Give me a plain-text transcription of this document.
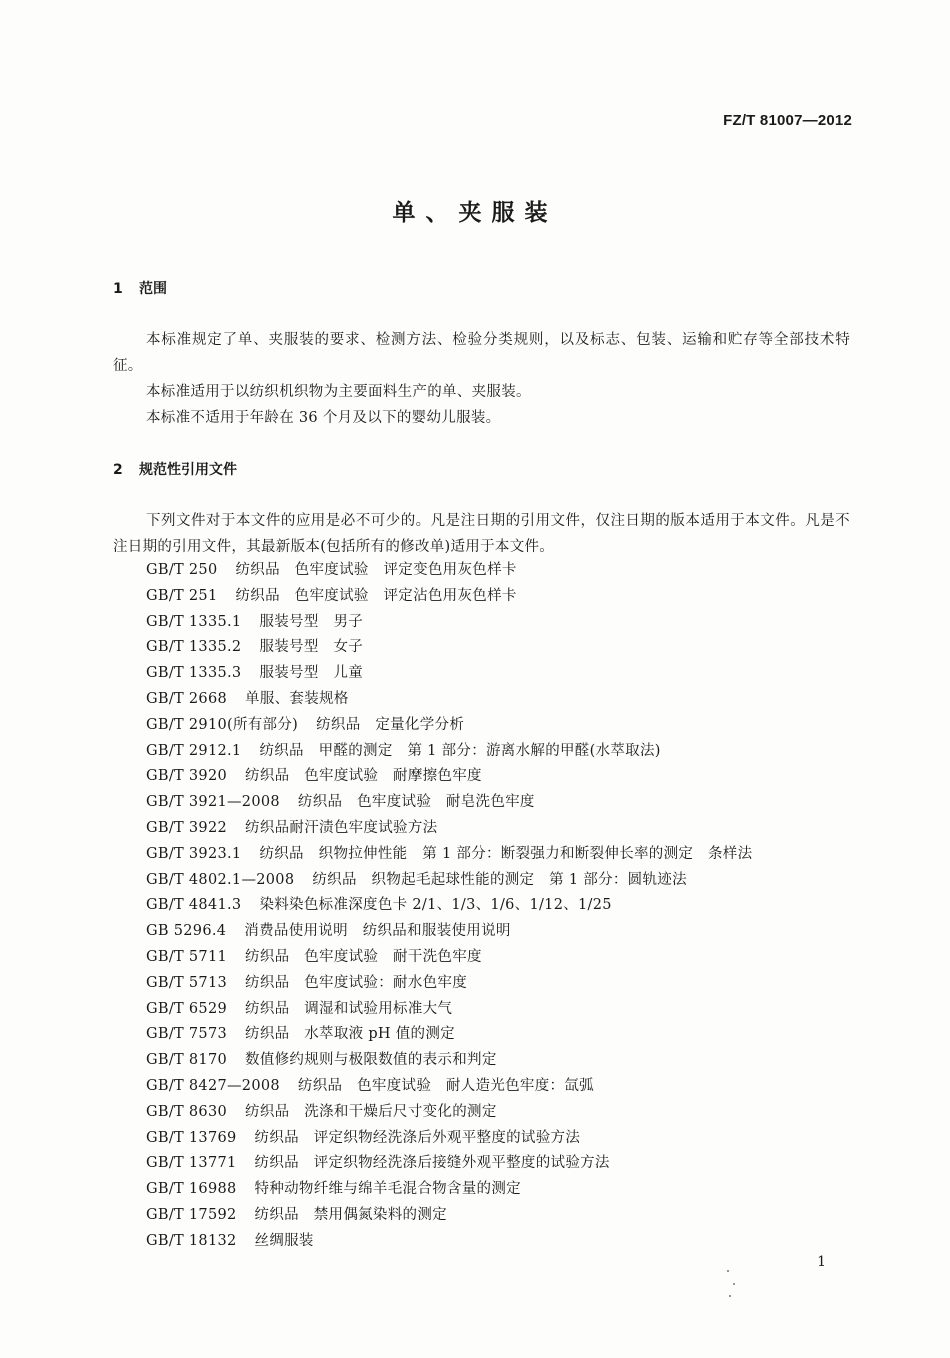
FZ/T 81007—2012
单、夹服装
1 范围
本标准规定了单、夹服装的要求、检测方法、检验分类规则，以及标志、包装、运输和贮存等全部技术特征。
本标准适用于以纺织机织物为主要面料生产的单、夹服装。
本标准不适用于年龄在 36 个月及以下的婴幼儿服装。
2 规范性引用文件
下列文件对于本文件的应用是必不可少的。凡是注日期的引用文件，仅注日期的版本适用于本文件。凡是不注日期的引用文件，其最新版本(包括所有的修改单)适用于本文件。
GB/T 250 纺织品　色牢度试验　评定变色用灰色样卡
GB/T 251 纺织品　色牢度试验　评定沾色用灰色样卡
GB/T 1335.1 服装号型　男子
GB/T 1335.2 服装号型　女子
GB/T 1335.3 服装号型　儿童
GB/T 2668 单服、套装规格
GB/T 2910(所有部分) 纺织品　定量化学分析
GB/T 2912.1 纺织品　甲醛的测定　第 1 部分：游离水解的甲醛(水萃取法)
GB/T 3920 纺织品　色牢度试验　耐摩擦色牢度
GB/T 3921—2008 纺织品　色牢度试验　耐皂洗色牢度
GB/T 3922 纺织品耐汗渍色牢度试验方法
GB/T 3923.1 纺织品　织物拉伸性能　第 1 部分：断裂强力和断裂伸长率的测定　条样法
GB/T 4802.1—2008 纺织品　织物起毛起球性能的测定　第 1 部分：圆轨迹法
GB/T 4841.3 染料染色标准深度色卡 2/1、1/3、1/6、1/12、1/25
GB 5296.4 消费品使用说明　纺织品和服装使用说明
GB/T 5711 纺织品　色牢度试验　耐干洗色牢度
GB/T 5713 纺织品　色牢度试验：耐水色牢度
GB/T 6529 纺织品　调湿和试验用标准大气
GB/T 7573 纺织品　水萃取液 pH 值的测定
GB/T 8170 数值修约规则与极限数值的表示和判定
GB/T 8427—2008 纺织品　色牢度试验　耐人造光色牢度：氙弧
GB/T 8630 纺织品　洗涤和干燥后尺寸变化的测定
GB/T 13769 纺织品　评定织物经洗涤后外观平整度的试验方法
GB/T 13771 纺织品　评定织物经洗涤后接缝外观平整度的试验方法
GB/T 16988 特种动物纤维与绵羊毛混合物含量的测定
GB/T 17592 纺织品　禁用偶氮染料的测定
GB/T 18132 丝绸服装
1
